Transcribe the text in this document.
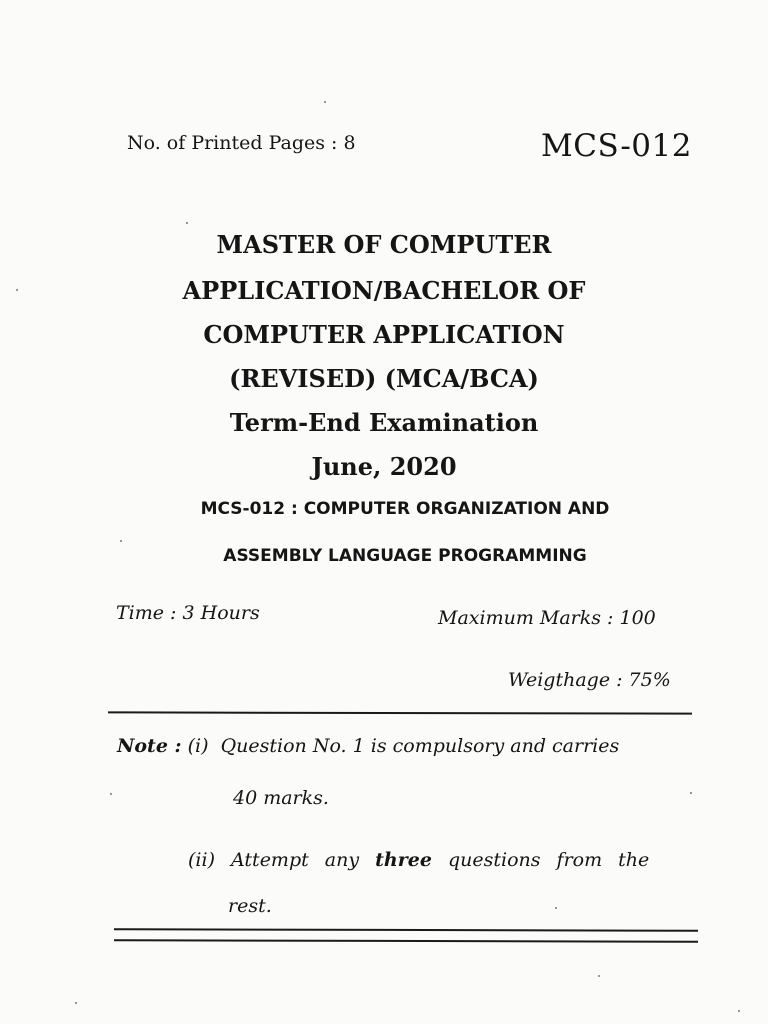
No. of Printed Pages : 8	MCS-012
MASTER OF COMPUTER
APPLICATION/BACHELOR OF
COMPUTER APPLICATION
(REVISED) (MCA/BCA)
Term-End Examination
June, 2020
MCS-012 : COMPUTER ORGANIZATION AND
ASSEMBLY LANGUAGE PROGRAMMING
Time : 3 Hours	Maximum Marks : 100
Weigthage : 75%
Note : (i) Question No. 1 is compulsory and carries
40 marks.
(ii) Attempt any three questions from the
rest.
